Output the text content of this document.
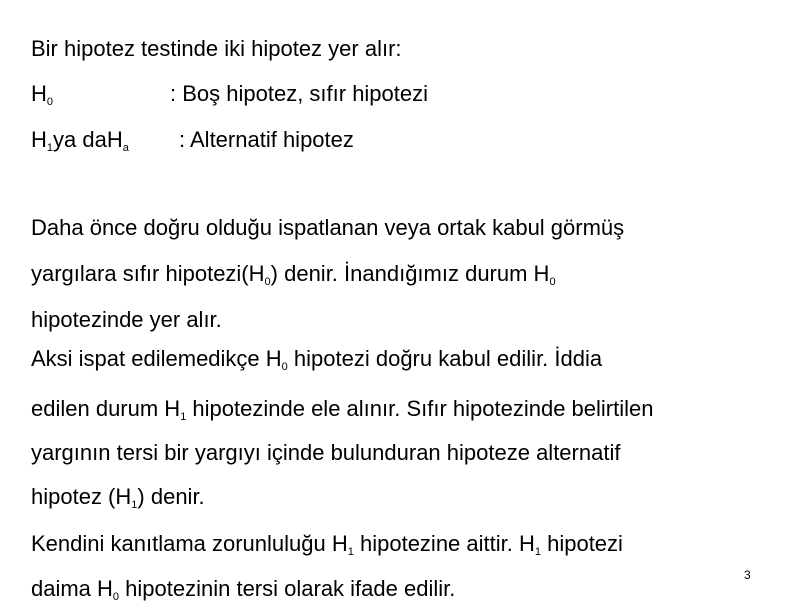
Bir hipotez testinde iki hipotez yer alır:
$H_0$	: Boş hipotez, sıfır hipotezi
$H_1ya$ daH$_a$ : Alternatif hipotez
Daha önce doğru olduğu ispatlanan veya ortak kabul görmüş
yargılara sıfır $hipotezi(H_0)$ denir. İnandığımız durum $H_0$
hipotezinde yer alır.
Aksi ispat edilemedikçe $H_0$ hipotezi doğru kabul edilir. İddia
edilen durum $H_1$ hipotezinde ele alınır. Sıfır hipotezinde belirtilen
yargının tersi bir yargıyı içinde bulunduran hipoteze alternatif
hipotez $(H_1)$ denir.
Kendini kanıtlama zorunluluğu $H_1$ hipotezine aittir. $H_1$ hipotezi
daima $H_0$ hipotezinin tersi olarak ifade edilir.
3
